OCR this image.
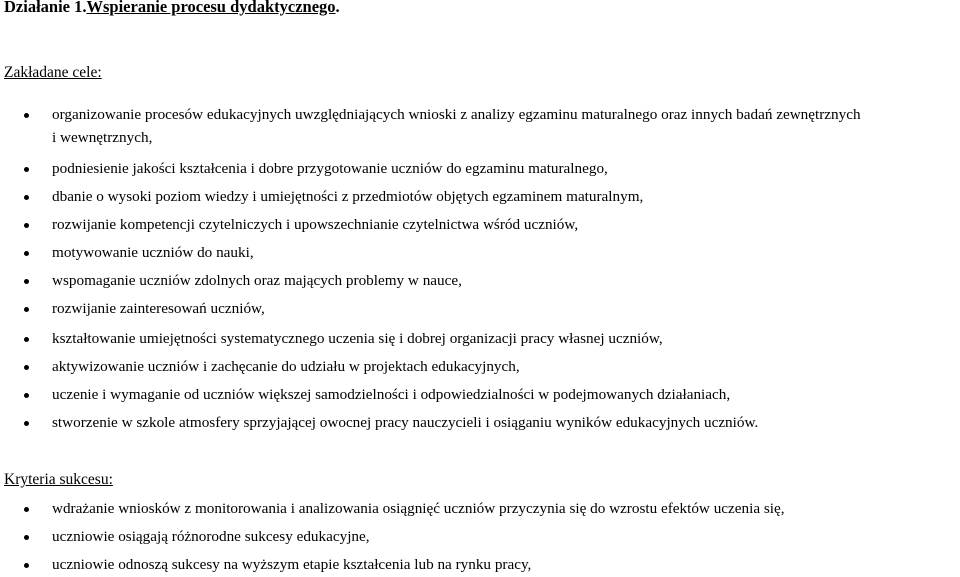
Działanie 1.Wspieranie procesu dydaktycznego.
Zakładane cele:
organizowanie procesów edukacyjnych uwzględniających wnioski z analizy egzaminu maturalnego oraz innych badań zewnętrznych
i wewnętrznych,
podniesienie jakości kształcenia i dobre przygotowanie uczniów do egzaminu maturalnego,
dbanie o wysoki poziom wiedzy i umiejętności z przedmiotów objętych egzaminem maturalnym,
rozwijanie kompetencji czytelniczych i upowszechnianie czytelnictwa wśród uczniów,
motywowanie uczniów do nauki,
wspomaganie uczniów zdolnych oraz mających problemy w nauce,
rozwijanie zainteresowań uczniów,
kształtowanie umiejętności systematycznego uczenia się i dobrej organizacji pracy własnej uczniów,
aktywizowanie uczniów i zachęcanie do udziału w projektach edukacyjnych,
uczenie i wymaganie od uczniów większej samodzielności i odpowiedzialności w podejmowanych działaniach,
stworzenie w szkole atmosfery sprzyjającej owocnej pracy nauczycieli i osiąganiu wyników edukacyjnych uczniów.
Kryteria sukcesu:
wdrażanie wniosków z monitorowania i analizowania osiągnięć uczniów przyczynia się do wzrostu efektów uczenia się,
uczniowie osiągają różnorodne sukcesy edukacyjne,
uczniowie odnoszą sukcesy na wyższym etapie kształcenia lub na rynku pracy,
